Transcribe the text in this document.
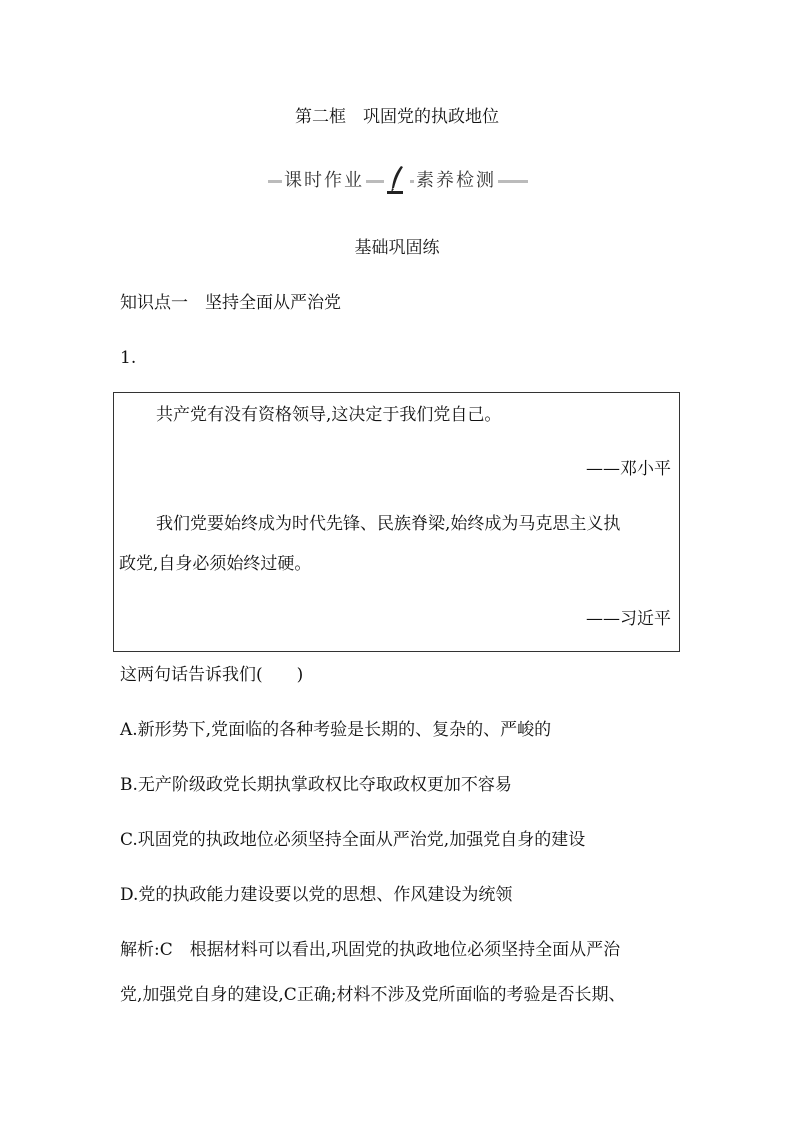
第二框　巩固党的执政地位
课时作业	素养检测
基础巩固练
知识点一　坚持全面从严治党
1.
共产党有没有资格领导,这决定于我们党自己。
——邓小平
我们党要始终成为时代先锋、民族脊梁,始终成为马克思主义执
政党,自身必须始终过硬。
——习近平
这两句话告诉我们(　　)
A.新形势下,党面临的各种考验是长期的、复杂的、严峻的
B.无产阶级政党长期执掌政权比夺取政权更加不容易
C.巩固党的执政地位必须坚持全面从严治党,加强党自身的建设
D.党的执政能力建设要以党的思想、作风建设为统领
解析:C　根据材料可以看出,巩固党的执政地位必须坚持全面从严治
党,加强党自身的建设,C正确;材料不涉及党所面临的考验是否长期、
